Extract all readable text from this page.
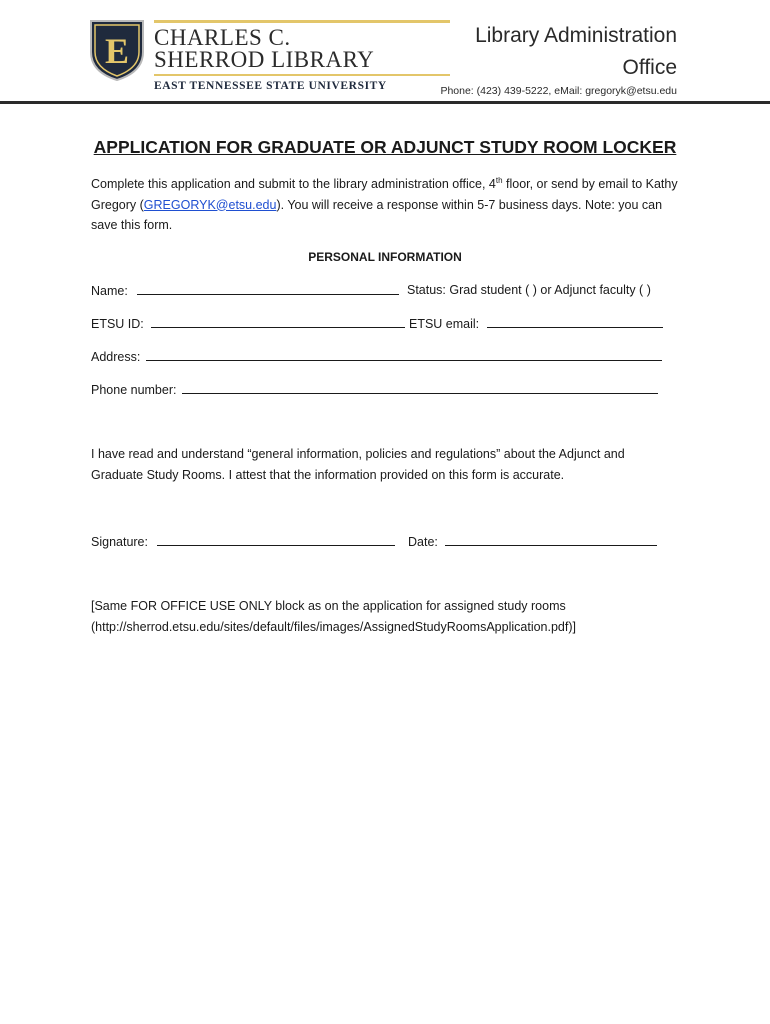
E CHARLES C.
SHERROD LIBRARY
EAST TENNESSEE STATE UNIVERSITY
Library Administration
Office
Phone: (423) 439-5222, eMail: gregoryk@etsu.edu
APPLICATION FOR GRADUATE OR ADJUNCT STUDY ROOM LOCKER
Complete this application and submit to the library administration office, 4th floor, or send by email to Kathy Gregory (GREGORYK@etsu.edu). You will receive a response within 5-7 business days. Note: you can save this form.
PERSONAL INFORMATION
Name:	Status: Grad student ( ) or Adjunct faculty ( )
ETSU ID:	ETSU email:
Address:
Phone number:
I have read and understand “general information, policies and regulations” about the Adjunct and Graduate Study Rooms. I attest that the information provided on this form is accurate.
Signature:	Date:
[Same FOR OFFICE USE ONLY block as on the application for assigned study rooms (http://sherrod.etsu.edu/sites/default/files/images/AssignedStudyRoomsApplication.pdf)]
